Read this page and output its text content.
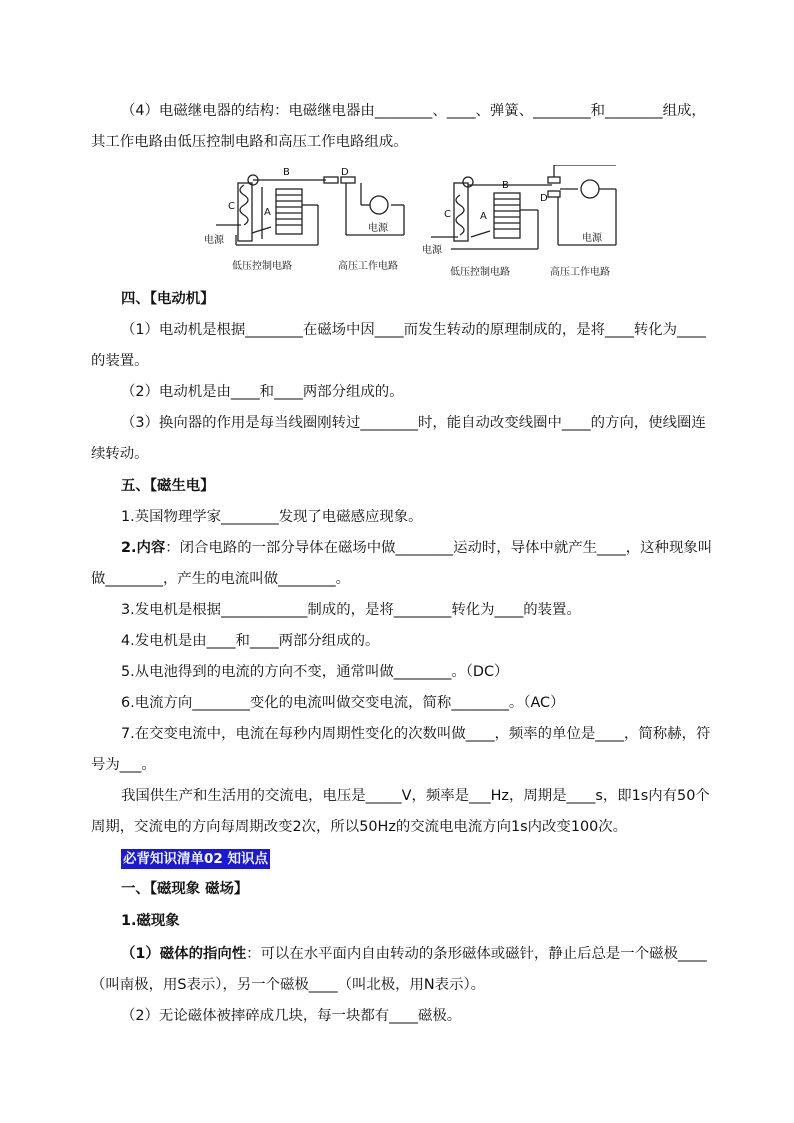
（4）电磁继电器的结构：电磁继电器由________、____、弹簧、________和________组成，
其工作电路由低压控制电路和高压工作电路组成。
B
A
C
D
电源
电源
B
A
C
D
电源
电源
低压控制电路	高压工作电路
低压控制电路	高压工作电路
四、【电动机】
（1）电动机是根据________在磁场中因____而发生转动的原理制成的，是将____转化为____
的装置。
（2）电动机是由____和____两部分组成的。
（3）换向器的作用是每当线圈刚转过________时，能自动改变线圈中____的方向，使线圈连
续转动。
五、【磁生电】
1.英国物理学家________发现了电磁感应现象。
2.内容：闭合电路的一部分导体在磁场中做________运动时，导体中就产生____，这种现象叫
做________，产生的电流叫做________。
3.发电机是根据____________制成的，是将________转化为____的装置。
4.发电机是由____和____两部分组成的。
5.从电池得到的电流的方向不变，通常叫做________。（DC）
6.电流方向________变化的电流叫做交变电流，简称________。（AC）
7.在交变电流中，电流在每秒内周期性变化的次数叫做____，频率的单位是____，简称赫，符
号为___。
我国供生产和生活用的交流电，电压是_____V，频率是___Hz，周期是____s，即1s内有50个
周期，交流电的方向每周期改变2次，所以50Hz的交流电电流方向1s内改变100次。
必背知识清单02 知识点
一、【磁现象 磁场】
1.磁现象
（1）磁体的指向性：可以在水平面内自由转动的条形磁体或磁针，静止后总是一个磁极____
（叫南极，用S表示），另一个磁极____（叫北极，用N表示）。
（2）无论磁体被摔碎成几块，每一块都有____磁极。
